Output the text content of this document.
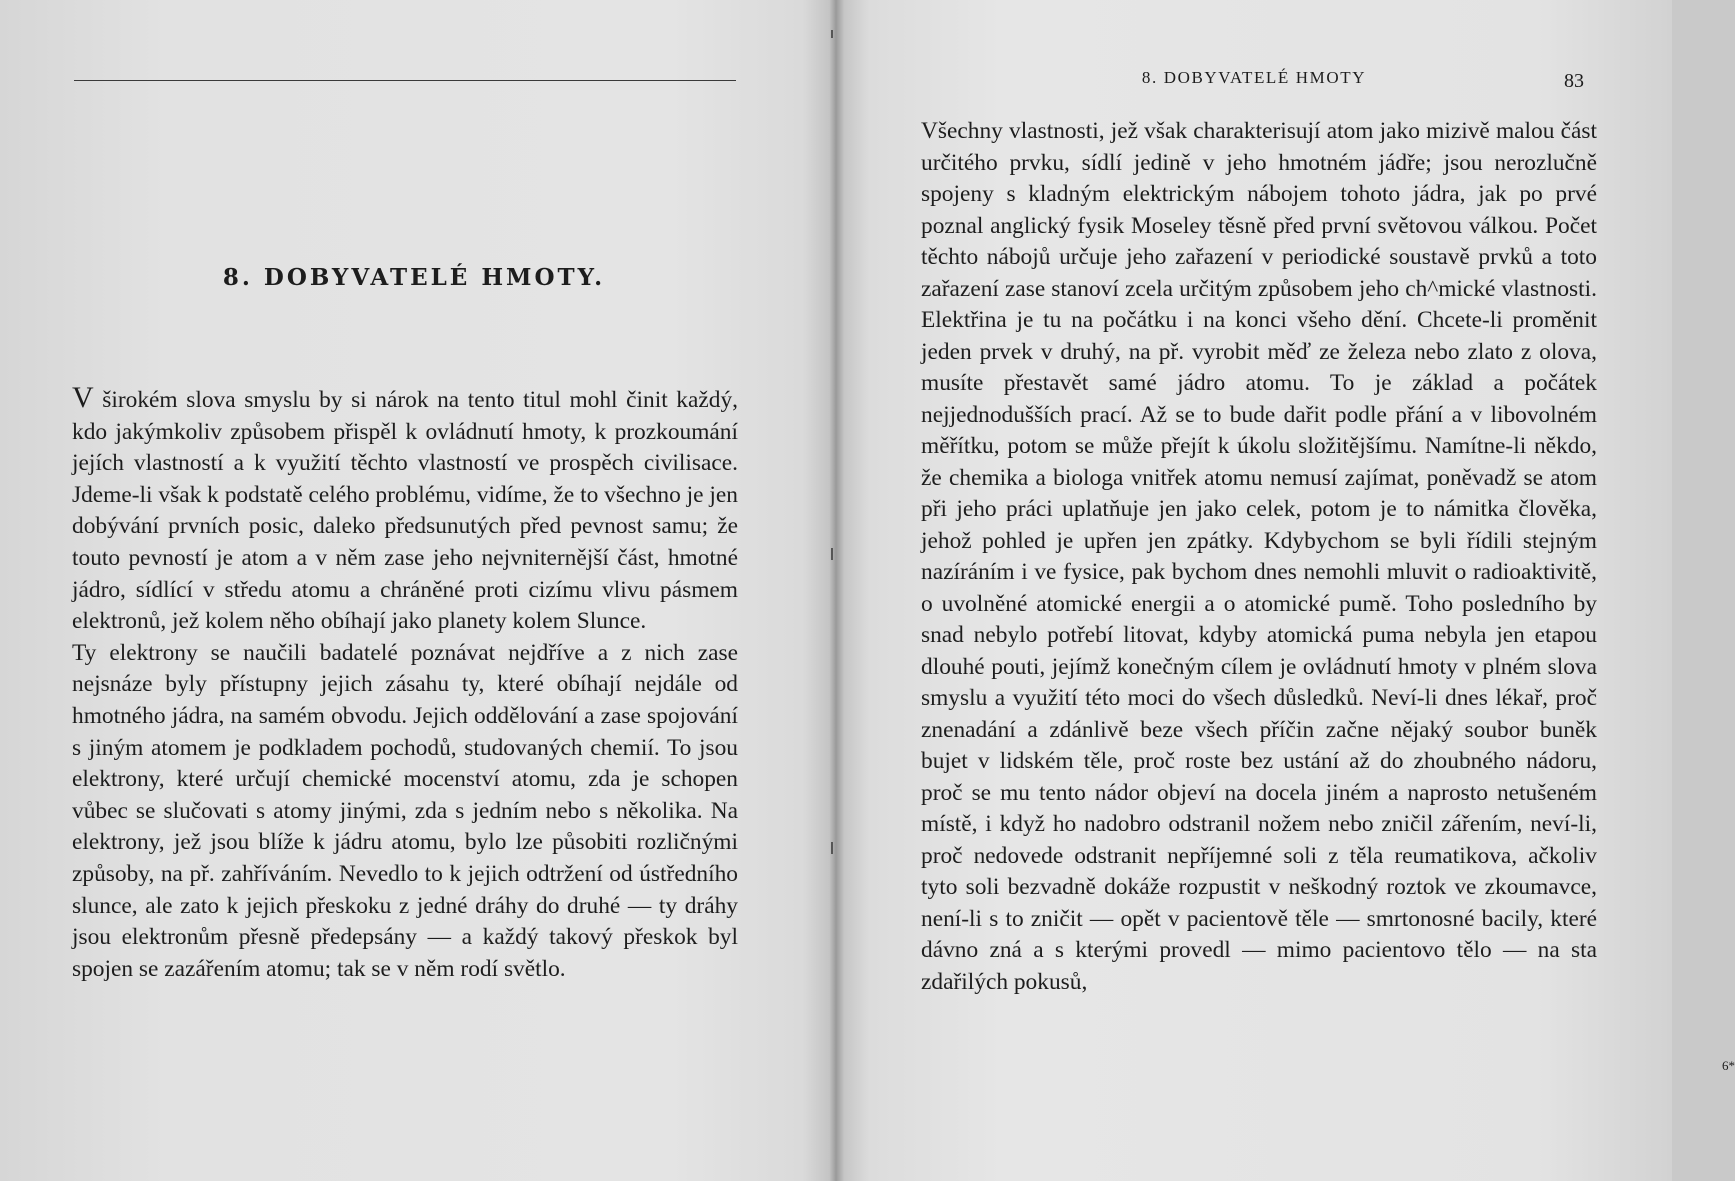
8. DOBYVATELÉ HMOTY.

V širokém slova smyslu by si nárok na tento titul mohl činit každý, kdo jakýmkoliv způsobem přispěl k ovládnutí hmoty, k prozkoumání jejích vlastností a k využití těchto vlastností ve prospěch civilisace. Jdeme-li však k podstatě celého problému, vidíme, že to všechno je jen dobývání prvních posic, daleko předsunutých před pevnost samu; že touto pevností je atom a v něm zase jeho nejvniternější část, hmotné jádro, sídlící v středu atomu a chráněné proti cizímu vlivu pásmem elektronů, jež kolem něho obíhají jako planety kolem Slunce.

Ty elektrony se naučili badatelé poznávat nejdříve a z nich zase nejsnáze byly přístupny jejich zásahu ty, které obíhají nejdále od hmotného jádra, na samém obvodu. Jejich oddělování a zase spojování s jiným atomem je podkladem pochodů, studovaných chemií. To jsou elektrony, které určují chemické mocenství atomu, zda je schopen vůbec se slučovati s atomy jinými, zda s jedním nebo s několika. Na elektrony, jež jsou blíže k jádru atomu, bylo lze působiti rozličnými způsoby, na př. zahříváním. Nevedlo to k jejich odtržení od ústředního slunce, ale zato k jejich přeskoku z jedné dráhy do druhé — ty dráhy jsou elektronům přesně předepsány — a každý takový přeskok byl spojen se zazářením atomu; tak se v něm rodí světlo.

8. DOBYVATELÉ HMOTY	83

Všechny vlastnosti, jež však charakterisují atom jako mizivě malou část určitého prvku, sídlí jedině v jeho hmotném jádře; jsou nerozlučně spojeny s kladným elektrickým nábojem tohoto jádra, jak po prvé poznal anglický fysik Moseley těsně před první světovou válkou. Počet těchto nábojů určuje jeho zařazení v periodické soustavě prvků a toto zařazení zase stanoví zcela určitým způsobem jeho ch^mické vlastnosti. Elektřina je tu na počátku i na konci všeho dění. Chcete-li proměnit jeden prvek v druhý, na př. vyrobit měď ze železa nebo zlato z olova, musíte přestavět samé jádro atomu. To je základ a počátek nejjednodušších prací. Až se to bude dařit podle přání a v libovolném měřítku, potom se může přejít k úkolu složitějšímu. Namítne-li někdo, že chemika a biologa vnitřek atomu nemusí zajímat, poněvadž se atom při jeho práci uplatňuje jen jako celek, potom je to námitka člověka, jehož pohled je upřen jen zpátky. Kdybychom se byli řídili stejným nazíráním i ve fysice, pak bychom dnes nemohli mluvit o radioaktivitě, o uvolněné atomické energii a o atomické pumě. Toho posledního by snad nebylo potřebí litovat, kdyby atomická puma nebyla jen etapou dlouhé pouti, jejímž konečným cílem je ovládnutí hmoty v plném slova smyslu a využití této moci do všech důsledků. Neví-li dnes lékař, proč znenadání a zdánlivě beze všech příčin začne nějaký soubor buněk bujet v lidském těle, proč roste bez ustání až do zhoubného nádoru, proč se mu tento nádor objeví na docela jiném a naprosto netušeném místě, i když ho nadobro odstranil nožem nebo zničil zářením, neví-li, proč nedovede odstranit nepříjemné soli z těla reumatikova, ačkoliv tyto soli bezvadně dokáže rozpustit v neškodný roztok ve zkoumavce, není-li s to zničit — opět v pacientově těle — smrtonosné bacily, které dávno zná a s kterými provedl — mimo pacientovo tělo — na sta zdařilých pokusů,

6*
